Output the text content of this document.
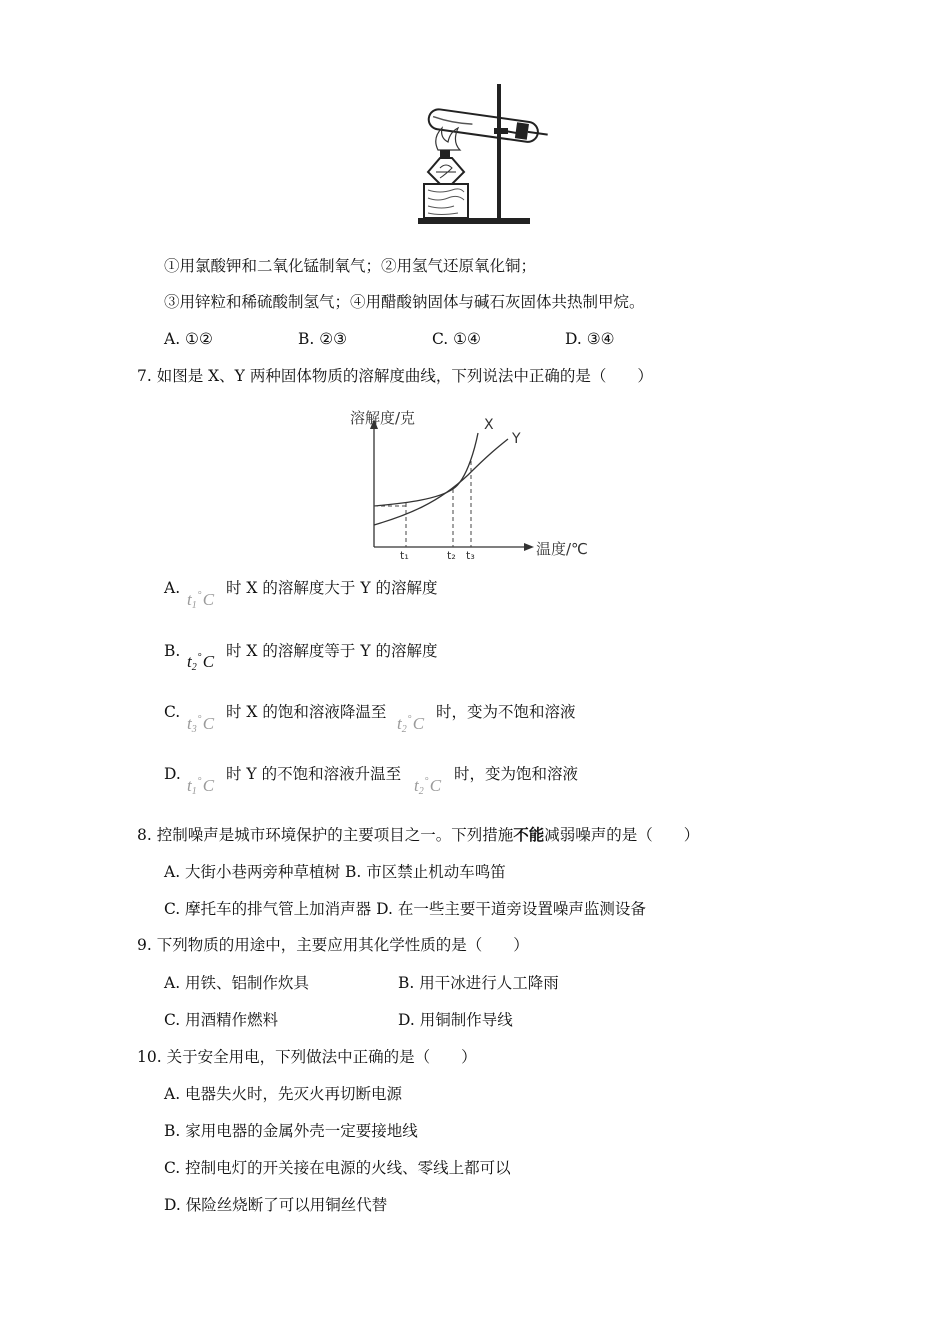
①用氯酸钾和二氧化锰制氧气；②用氢气还原氧化铜；
③用锌粒和稀硫酸制氢气；④用醋酸钠固体与碱石灰固体共热制甲烷。
A. ①②	B. ②③	C. ①④	D. ③④
7. 如图是 X、Y 两种固体物质的溶解度曲线，下列说法中正确的是（　　）
溶解度/克
温度/℃
X
Y
t₁	t₂ t₃
A.
$t_1^\circ C$
时 X 的溶解度大于 Y 的溶解度
B.
$t_2^\circ C$
时 X 的溶解度等于 Y 的溶解度
C.
$t_3^\circ C$
时 X 的饱和溶液降温至
$t_2^\circ C$
时，变为不饱和溶液
D.
$t_1^\circ C$
时 Y 的不饱和溶液升温至
$t_2^\circ C$
时，变为饱和溶液
8. 控制噪声是城市环境保护的主要项目之一。下列措施不能减弱噪声的是（　　）
A. 大街小巷两旁种草植树 B. 市区禁止机动车鸣笛
C. 摩托车的排气管上加消声器 D. 在一些主要干道旁设置噪声监测设备
9. 下列物质的用途中，主要应用其化学性质的是（　　）
A. 用铁、铝制作炊具	B. 用干冰进行人工降雨
C. 用酒精作燃料	D. 用铜制作导线
10. 关于安全用电，下列做法中正确的是（　　）
A. 电器失火时，先灭火再切断电源
B. 家用电器的金属外壳一定要接地线
C. 控制电灯的开关接在电源的火线、零线上都可以
D. 保险丝烧断了可以用铜丝代替
